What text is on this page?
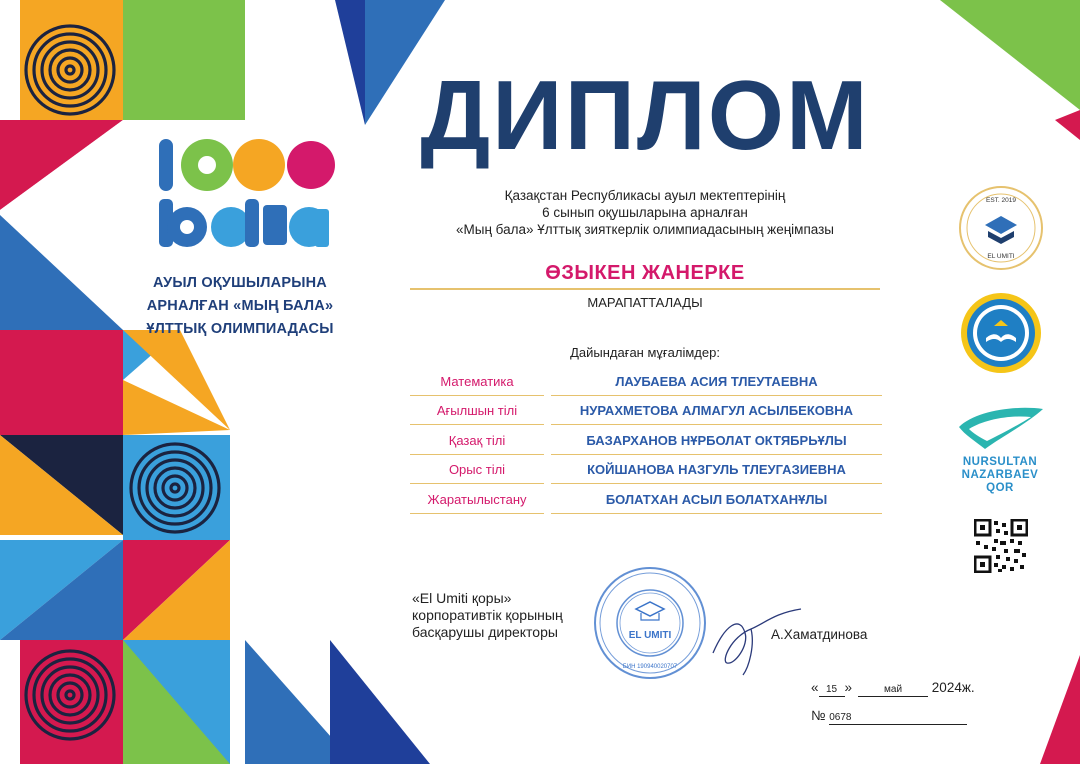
1000
АУЫЛ ОҚУШЫЛАРЫНА
АРНАЛҒАН «МЫҢ БАЛА»
ҰЛТТЫҚ ОЛИМПИАДАСЫ
ДИПЛОМ
Қазақстан Республикасы ауыл мектептерінің
6 сынып оқушыларына арналған
«Мың бала» Ұлттық зияткерлік олимпиадасының жеңімпазы
ӨЗЫКЕН ЖАНЕРКЕ
МАРАПАТТАЛАДЫ
Дайындаған мұғалімдер:
Математика	ЛАУБАЕВА АСИЯ ТЛЕУТАЕВНА
Ағылшын тілі	НУРАХМЕТОВА АЛМАГУЛ АСЫЛБЕКОВНА
Қазақ тілі	БАЗАРХАНОВ НҰРБОЛАТ ОКТЯБРЬҰЛЫ
Орыс тілі	КОЙШАНОВА НАЗГУЛЬ ТЛЕУГАЗИЕВНА
Жаратылыстану	БОЛАТХАН АСЫЛ БОЛАТХАНҰЛЫ
«El Umiti қоры»
корпоративтік қорының
басқарушы директоры	EL UMITI
БИН 190940020707
А.Хаматдинова
« 15 »	май 2024ж.
№ 0678
EST. 2019
EL UMITI
NURSULTAN
NAZARBAEV
QOR
